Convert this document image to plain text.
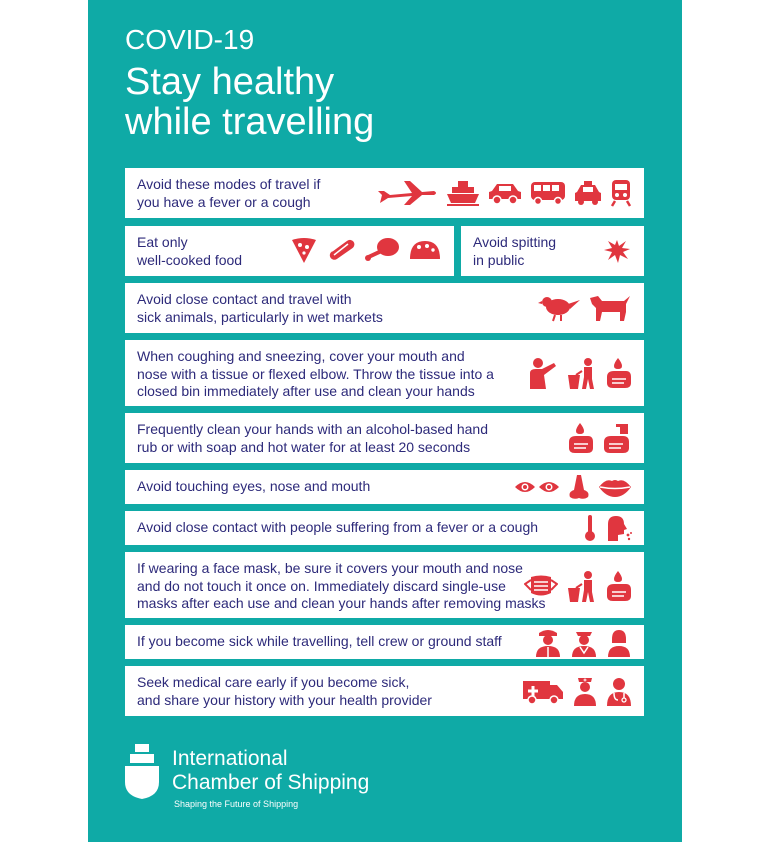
COVID-19
Stay healthy
while travelling
Avoid these modes of travel if
you have a fever or a cough
Eat only
well-cooked food
Avoid spitting
in public
Avoid close contact and travel with
sick animals, particularly in wet markets
When coughing and sneezing, cover your mouth and
nose with a tissue or flexed elbow. Throw the tissue into a
closed bin immediately after use and clean your hands
Frequently clean your hands with an alcohol-based hand
rub or with soap and hot water for at least 20 seconds
Avoid touching eyes, nose and mouth
Avoid close contact with people suffering from a fever or a cough
If wearing a face mask, be sure it covers your mouth and nose
and do not touch it once on. Immediately discard single-use
masks after each use and clean your hands after removing masks
If you become sick while travelling, tell crew or ground staff
Seek medical care early if you become sick,
and share your history with your health provider
International
Chamber of Shipping
Shaping the Future of Shipping
